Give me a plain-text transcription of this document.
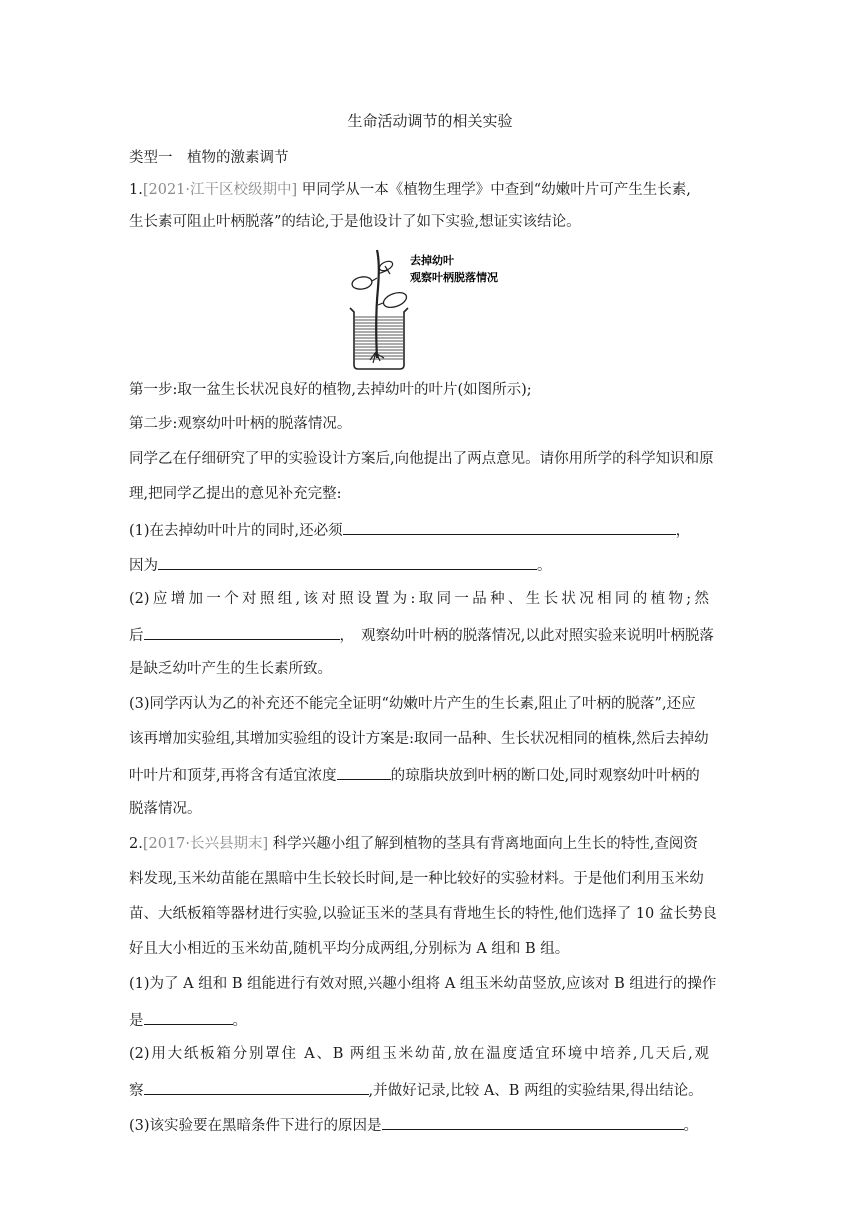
生命活动调节的相关实验
类型一　植物的激素调节
1.[2021·江干区校级期中] 甲同学从一本《植物生理学》中查到“幼嫩叶片可产生生长素,
生长素可阻止叶柄脱落”的结论,于是他设计了如下实验,想证实该结论。
去掉幼叶
观察叶柄脱落情况
第一步:取一盆生长状况良好的植物,去掉幼叶的叶片(如图所示);
第二步:观察幼叶叶柄的脱落情况。
同学乙在仔细研究了甲的实验设计方案后,向他提出了两点意见。请你用所学的科学知识和原
理,把同学乙提出的意见补充完整:
(1)在去掉幼叶叶片的同时,还必须	，
因为	。
(2)应增加一个对照组,该对照设置为:取同一品种、生长状况相同的植物;然
后	，　观察幼叶叶柄的脱落情况,以此对照实验来说明叶柄脱落
是缺乏幼叶产生的生长素所致。
(3)同学丙认为乙的补充还不能完全证明“幼嫩叶片产生的生长素,阻止了叶柄的脱落”,还应
该再增加实验组,其增加实验组的设计方案是:取同一品种、生长状况相同的植株,然后去掉幼
叶叶片和顶芽,再将含有适宜浓度	的琼脂块放到叶柄的断口处,同时观察幼叶叶柄的
脱落情况。
2.[2017·长兴县期末] 科学兴趣小组了解到植物的茎具有背离地面向上生长的特性,查阅资
料发现,玉米幼苗能在黑暗中生长较长时间,是一种比较好的实验材料。于是他们利用玉米幼
苗、大纸板箱等器材进行实验,以验证玉米的茎具有背地生长的特性,他们选择了 10 盆长势良
好且大小相近的玉米幼苗,随机平均分成两组,分别标为 A 组和 B 组。
(1)为了 A 组和 B 组能进行有效对照,兴趣小组将 A 组玉米幼苗竖放,应该对 B 组进行的操作
是	。
(2)用大纸板箱分别罩住 A、B 两组玉米幼苗,放在温度适宜环境中培养,几天后,观
察	,并做好记录,比较 A、B 两组的实验结果,得出结论。
(3)该实验要在黑暗条件下进行的原因是	。
